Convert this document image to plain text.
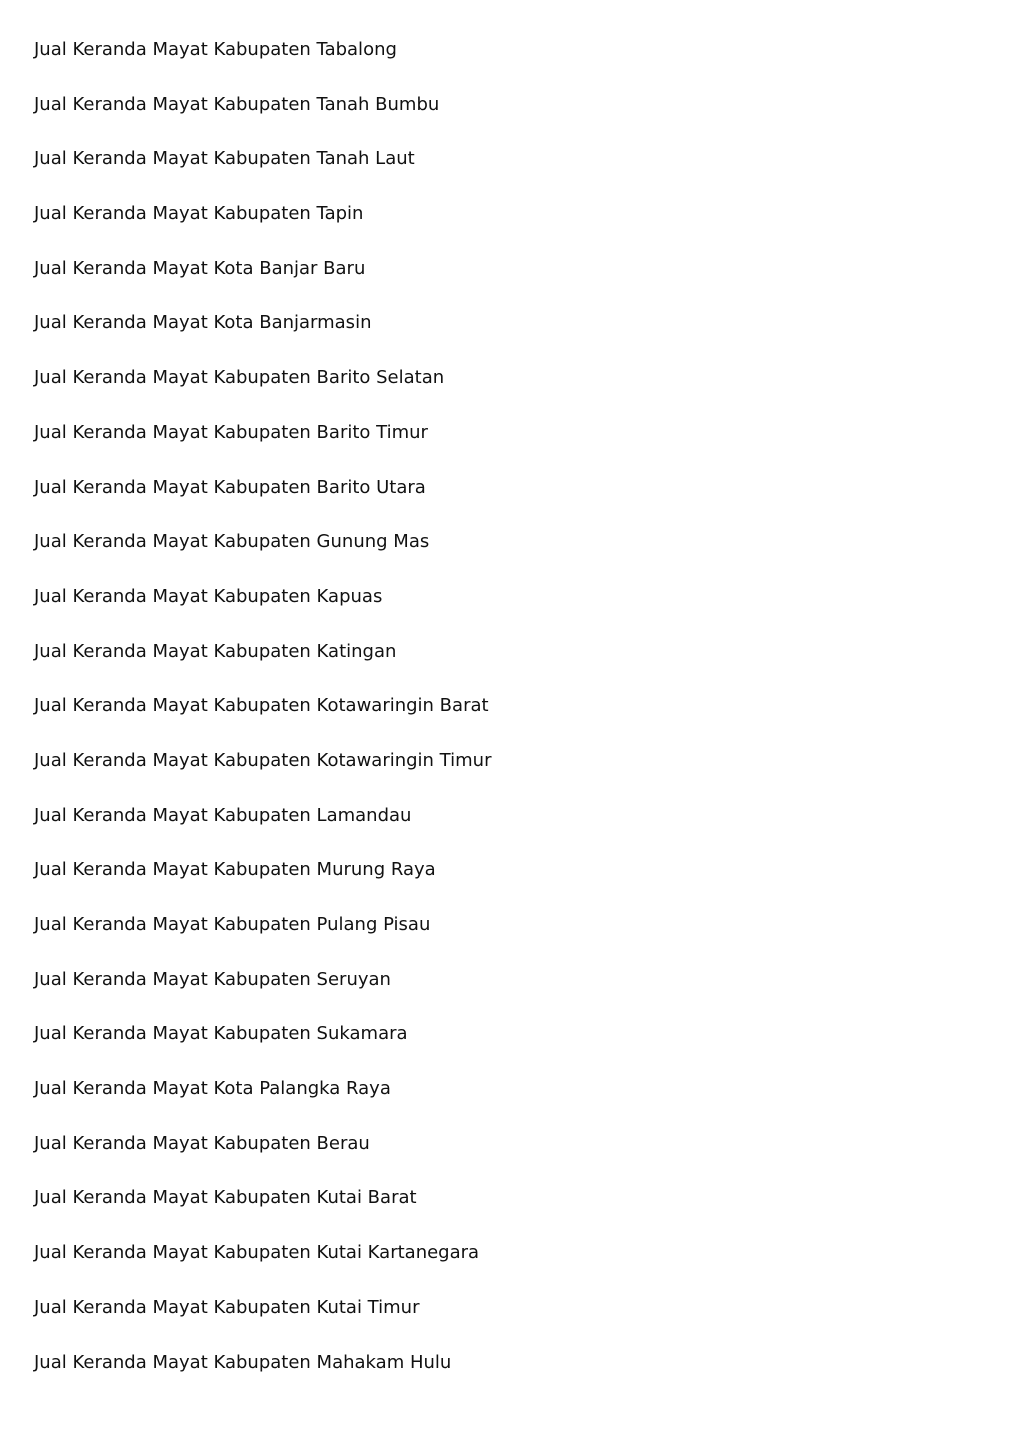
Jual Keranda Mayat Kabupaten Tabalong
Jual Keranda Mayat Kabupaten Tanah Bumbu
Jual Keranda Mayat Kabupaten Tanah Laut
Jual Keranda Mayat Kabupaten Tapin
Jual Keranda Mayat Kota Banjar Baru
Jual Keranda Mayat Kota Banjarmasin
Jual Keranda Mayat Kabupaten Barito Selatan
Jual Keranda Mayat Kabupaten Barito Timur
Jual Keranda Mayat Kabupaten Barito Utara
Jual Keranda Mayat Kabupaten Gunung Mas
Jual Keranda Mayat Kabupaten Kapuas
Jual Keranda Mayat Kabupaten Katingan
Jual Keranda Mayat Kabupaten Kotawaringin Barat
Jual Keranda Mayat Kabupaten Kotawaringin Timur
Jual Keranda Mayat Kabupaten Lamandau
Jual Keranda Mayat Kabupaten Murung Raya
Jual Keranda Mayat Kabupaten Pulang Pisau
Jual Keranda Mayat Kabupaten Seruyan
Jual Keranda Mayat Kabupaten Sukamara
Jual Keranda Mayat Kota Palangka Raya
Jual Keranda Mayat Kabupaten Berau
Jual Keranda Mayat Kabupaten Kutai Barat
Jual Keranda Mayat Kabupaten Kutai Kartanegara
Jual Keranda Mayat Kabupaten Kutai Timur
Jual Keranda Mayat Kabupaten Mahakam Hulu
